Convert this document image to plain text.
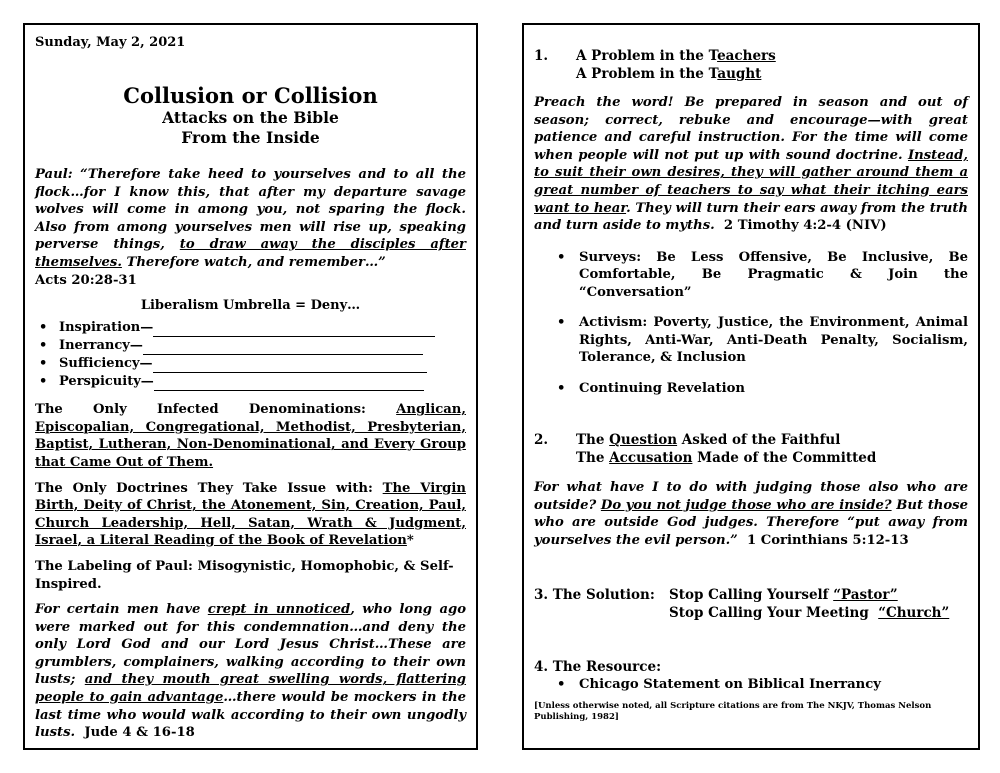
Sunday, May 2, 2021
Collusion or Collision
Attacks on the Bible
From the Inside

Paul: “Therefore take heed to yourselves and to all the flock…for I know this, that after my departure savage wolves will come in among you, not sparing the flock. Also from among yourselves men will rise up, speaking perverse things, to draw away the disciples after themselves. Therefore watch, and remember…”
Acts 20:28-31

Liberalism Umbrella = Deny…
• Inspiration—
• Inerrancy—
• Sufficiency—
• Perspicuity—

The Only Infected Denominations: Anglican, Episcopalian, Congregational, Methodist, Presbyterian, Baptist, Lutheran, Non-Denominational, and Every Group that Came Out of Them.

The Only Doctrines They Take Issue with: The Virgin Birth, Deity of Christ, the Atonement, Sin, Creation, Paul, Church Leadership, Hell, Satan, Wrath & Judgment, Israel, a Literal Reading of the Book of Revelation*

The Labeling of Paul: Misogynistic, Homophobic, & Self-Inspired.

For certain men have crept in unnoticed, who long ago were marked out for this condemnation…and deny the only Lord God and our Lord Jesus Christ…These are grumblers, complainers, walking according to their own lusts; and they mouth great swelling words, flattering people to gain advantage…there would be mockers in the last time who would walk according to their own ungodly lusts. Jude 4 & 16-18

1.	A Problem in the Teachers
A Problem in the Taught

Preach the word! Be prepared in season and out of season; correct, rebuke and encourage—with great patience and careful instruction. For the time will come when people will not put up with sound doctrine. Instead, to suit their own desires, they will gather around them a great number of teachers to say what their itching ears want to hear. They will turn their ears away from the truth and turn aside to myths. 2 Timothy 4:2-4 (NIV)

• Surveys: Be Less Offensive, Be Inclusive, Be Comfortable, Be Pragmatic & Join the “Conversation”
• Activism: Poverty, Justice, the Environment, Animal Rights, Anti-War, Anti-Death Penalty, Socialism, Tolerance, & Inclusion
• Continuing Revelation
2.	The Question Asked of the Faithful
The Accusation Made of the Committed

For what have I to do with judging those also who are outside? Do you not judge those who are inside? But those who are outside God judges. Therefore “put away from yourselves the evil person.” 1 Corinthians 5:12-13

3. The Solution:	Stop Calling Yourself “Pastor”
Stop Calling Your Meeting  “Church”
4. The Resource:
• Chicago Statement on Biblical Inerrancy
[Unless otherwise noted, all Scripture citations are from The NKJV, Thomas Nelson Publishing, 1982]
